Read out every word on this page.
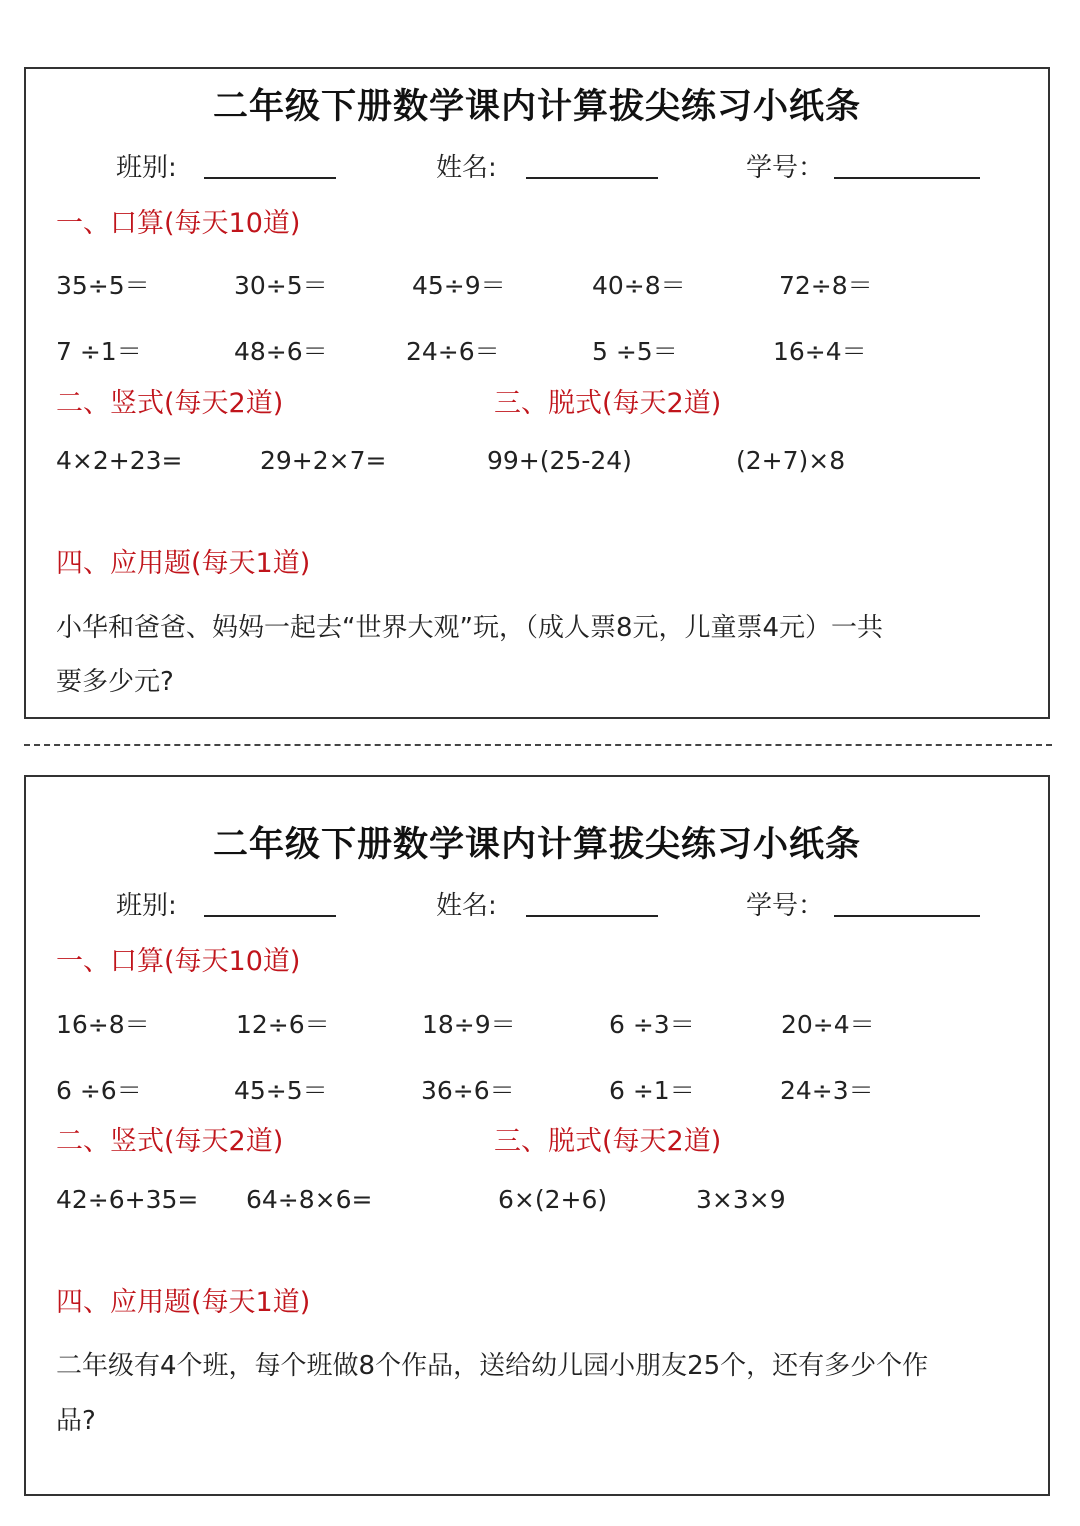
二年级下册数学课内计算拔尖练习小纸条
班别:	姓名:	学号：
一、口算(每天10道)
35÷5＝	30÷5＝	45÷9＝	40÷8＝	72÷8＝
7 ÷1＝	48÷6＝	24÷6＝	5 ÷5＝	16÷4＝
二、竖式(每天2道)	三、脱式(每天2道)
4×2+23=	29+2×7=	99+(25-24)	(2+7)×8
四、应用题(每天1道)
小华和爸爸、妈妈一起去“世界大观”玩，（成人票8元，儿童票4元）一共
要多少元?
二年级下册数学课内计算拔尖练习小纸条
班别:	姓名:	学号：
一、口算(每天10道)
16÷8＝	12÷6＝	18÷9＝	6 ÷3＝	20÷4＝
6 ÷6＝	45÷5＝	36÷6＝	6 ÷1＝	24÷3＝
二、竖式(每天2道)	三、脱式(每天2道)
42÷6+35= 64÷8×6=	6×(2+6)	3×3×9
四、应用题(每天1道)
二年级有4个班，每个班做8个作品，送给幼儿园小朋友25个，还有多少个作
品?
